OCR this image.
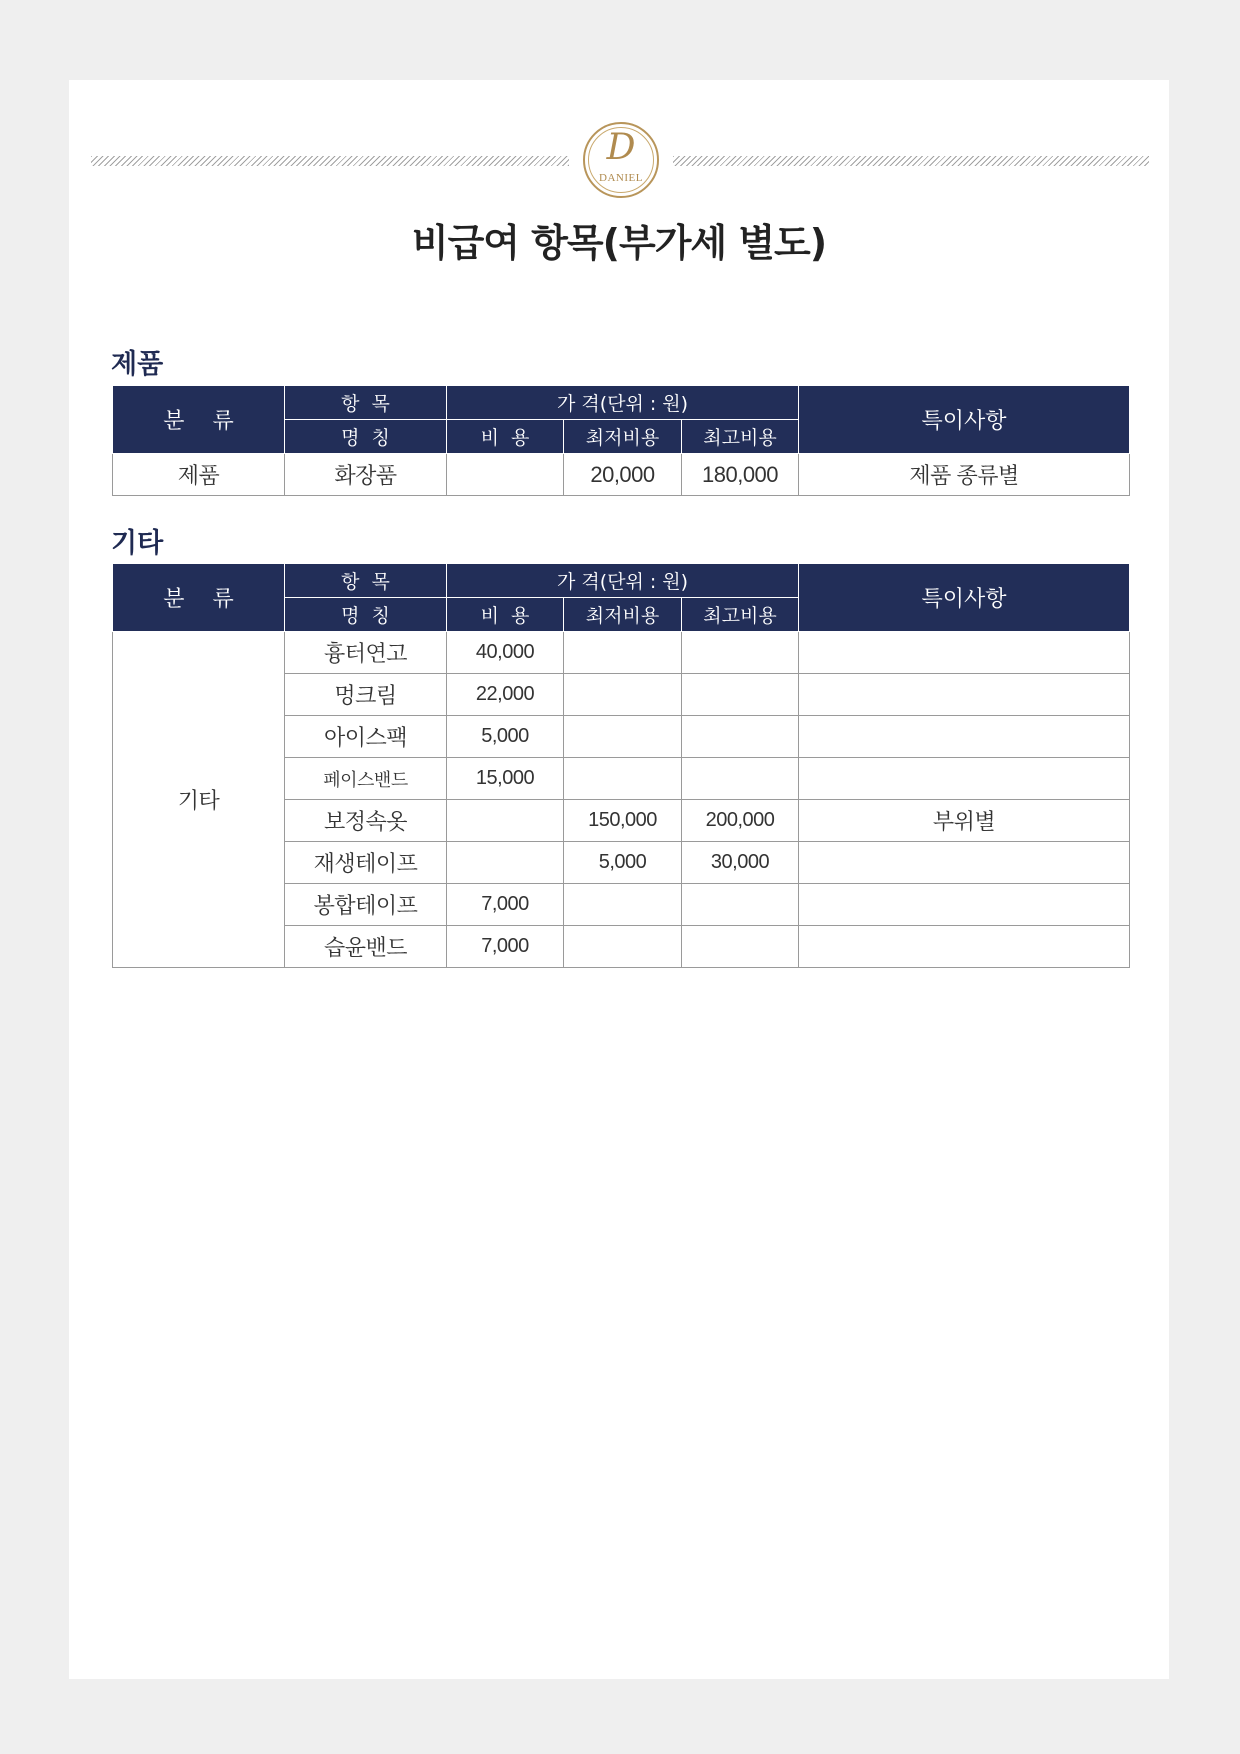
D
DANIEL
비급여 항목(부가세 별도)
제품
분    류	항  목	가 격(단위 : 원)			특이사항
	명  칭	비  용	최저비용	최고비용	
제품	화장품		20,000	180,000	제품 종류별
기타
분    류	항  목	가 격(단위 : 원)			특이사항
	명  칭	비  용	최저비용	최고비용	
기타	흉터연고	40,000			
	멍크림	22,000			
	아이스팩	5,000			
	페이스밴드	15,000			
	보정속옷		150,000	200,000	부위별
	재생테이프		5,000	30,000	
	봉합테이프	7,000			
	습윤밴드	7,000			
